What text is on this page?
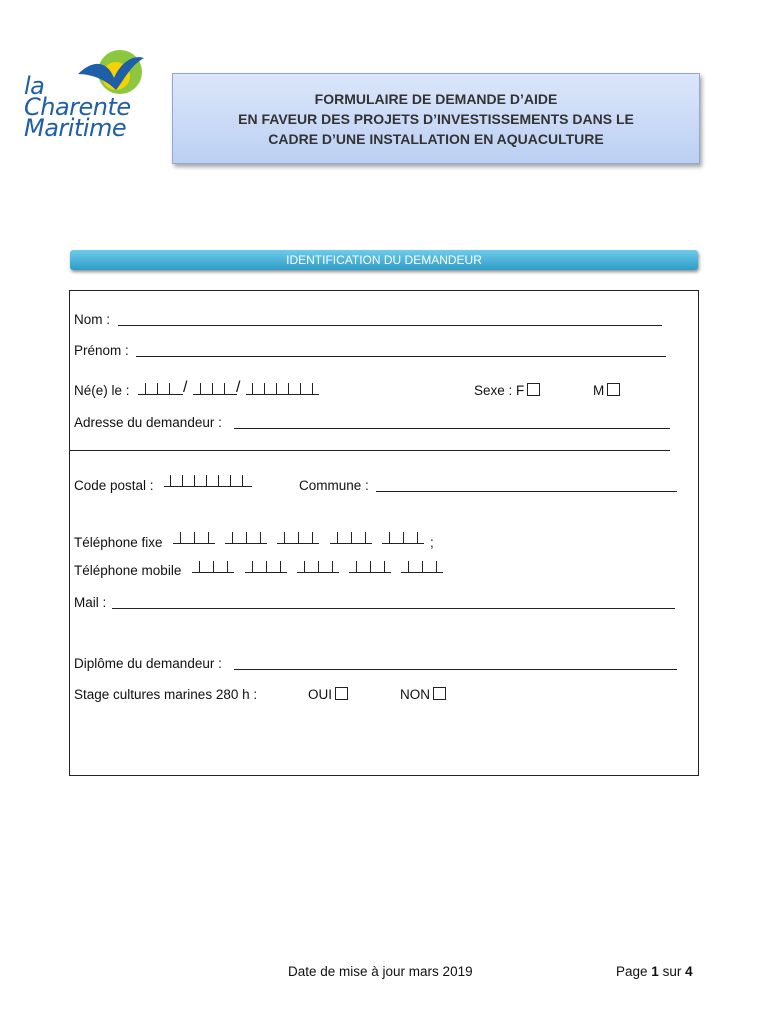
la
Charente
Maritime
FORMULAIRE DE DEMANDE D’AIDE
EN FAVEUR DES PROJETS D’INVESTISSEMENTS DANS LE
CADRE D’UNE INSTALLATION EN AQUACULTURE
IDENTIFICATION DU DEMANDEUR
Nom :
Prénom :
Né(e) le :	/	/	Sexe : F	M
Adresse du demandeur :
Code postal :	Commune :
Téléphone fixe	;
Téléphone mobile
Mail :
Diplôme du demandeur :
Stage cultures marines 280 h :	OUI	NON
Date de mise à jour mars 2019	Page 1 sur 4
